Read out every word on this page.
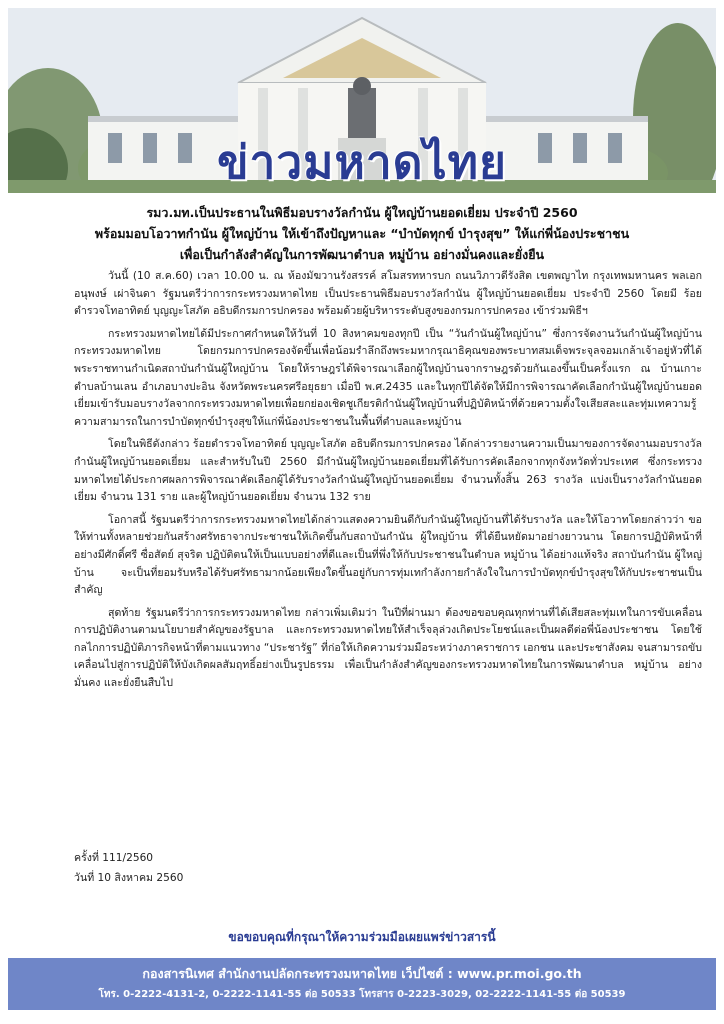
ข่าวมหาดไทย
รมว.มท.เป็นประธานในพิธีมอบรางวัลกำนัน ผู้ใหญ่บ้านยอดเยี่ยม ประจำปี 2560
พร้อมมอบโอวาทกำนัน ผู้ใหญ่บ้าน ให้เข้าถึงปัญหาและ “บำบัดทุกข์ บำรุงสุข” ให้แก่พี่น้องประชาชน
เพื่อเป็นกำลังสำคัญในการพัฒนาตำบล หมู่บ้าน อย่างมั่นคงและยั่งยืน

วันนี้ (10 ส.ค.60) เวลา 10.00 น. ณ ห้องมัฆวานรังสรรค์ สโมสรทหารบก ถนนวิภาวดีรังสิต เขตพญาไท กรุงเทพมหานคร พลเอก อนุพงษ์ เผ่าจินดา รัฐมนตรีว่าการกระทรวงมหาดไทย เป็นประธานพิธีมอบรางวัลกำนัน ผู้ใหญ่บ้านยอดเยี่ยม ประจำปี 2560 โดยมี ร้อยตำรวจโทอาทิตย์ บุญญะโสภัต อธิบดีกรมการปกครอง พร้อมด้วยผู้บริหารระดับสูงของกรมการปกครอง เข้าร่วมพิธีฯ

กระทรวงมหาดไทยได้มีประกาศกำหนดให้วันที่ 10 สิงหาคมของทุกปี เป็น “วันกำนันผู้ใหญ่บ้าน” ซึ่งการจัดงานวันกำนันผู้ใหญ่บ้าน กระทรวงมหาดไทย โดยกรมการปกครองจัดขึ้นเพื่อน้อมรำลึกถึงพระมหากรุณาธิคุณของพระบาทสมเด็จพระจุลจอมเกล้าเจ้าอยู่หัวที่ได้พระราชทานกำเนิดสถาบันกำนันผู้ใหญ่บ้าน โดยให้ราษฎรได้พิจารณาเลือกผู้ใหญ่บ้านจากราษฎรด้วยกันเองขึ้นเป็นครั้งแรก ณ บ้านเกาะ ตำบลบ้านเลน อำเภอบางปะอิน จังหวัดพระนครศรีอยุธยา เมื่อปี พ.ศ.2435 และในทุกปีได้จัดให้มีการพิจารณาคัดเลือกกำนันผู้ใหญ่บ้านยอดเยี่ยมเข้ารับมอบรางวัลจากกระทรวงมหาดไทยเพื่อยกย่องเชิดชูเกียรติกำนันผู้ใหญ่บ้านที่ปฏิบัติหน้าที่ด้วยความตั้งใจเสียสละและทุ่มเทความรู้ความสามารถในการบำบัดทุกข์บำรุงสุขให้แก่พี่น้องประชาชนในพื้นที่ตำบลและหมู่บ้าน

โดยในพิธีดังกล่าว ร้อยตำรวจโทอาทิตย์ บุญญะโสภัต อธิบดีกรมการปกครอง ได้กล่าวรายงานความเป็นมาของการจัดงานมอบรางวัลกำนันผู้ใหญ่บ้านยอดเยี่ยม และสำหรับในปี 2560 มีกำนันผู้ใหญ่บ้านยอดเยี่ยมที่ได้รับการคัดเลือกจากทุกจังหวัดทั่วประเทศ ซึ่งกระทรวงมหาดไทยได้ประกาศผลการพิจารณาคัดเลือกผู้ได้รับรางวัลกำนันผู้ใหญ่บ้านยอดเยี่ยม จำนวนทั้งสิ้น 263 รางวัล แบ่งเป็นรางวัลกำนันยอดเยี่ยม จำนวน 131 ราย และผู้ใหญ่บ้านยอดเยี่ยม จำนวน 132 ราย

โอกาสนี้ รัฐมนตรีว่าการกระทรวงมหาดไทยได้กล่าวแสดงความยินดีกับกำนันผู้ใหญ่บ้านที่ได้รับรางวัล และให้โอวาทโดยกล่าวว่า ขอให้ท่านทั้งหลายช่วยกันสร้างศรัทธาจากประชาชนให้เกิดขึ้นกับสถาบันกำนัน ผู้ใหญ่บ้าน ที่ได้ยืนหยัดมาอย่างยาวนาน โดยการปฏิบัติหน้าที่อย่างมีศักดิ์ศรี ซื่อสัตย์ สุจริต ปฏิบัติตนให้เป็นแบบอย่างที่ดีและเป็นที่พึ่งให้กับประชาชนในตำบล หมู่บ้าน ได้อย่างแท้จริง สถาบันกำนัน ผู้ใหญ่บ้าน จะเป็นที่ยอมรับหรือได้รับศรัทธามากน้อยเพียงใดขึ้นอยู่กับการทุ่มเทกำลังกายกำลังใจในการบำบัดทุกข์บำรุงสุขให้กับประชาชนเป็นสำคัญ

สุดท้าย รัฐมนตรีว่าการกระทรวงมหาดไทย กล่าวเพิ่มเติมว่า ในปีที่ผ่านมา ต้องขอขอบคุณทุกท่านที่ได้เสียสละทุ่มเทในการขับเคลื่อนการปฏิบัติงานตามนโยบายสำคัญของรัฐบาล และกระทรวงมหาดไทยให้สำเร็จลุล่วงเกิดประโยชน์และเป็นผลดีต่อพี่น้องประชาชน โดยใช้กลไกการปฏิบัติภารกิจหน้าที่ตามแนวทาง “ประชารัฐ” ที่ก่อให้เกิดความร่วมมือระหว่างภาคราชการ เอกชน และประชาสังคม จนสามารถขับเคลื่อนไปสู่การปฏิบัติให้บังเกิดผลสัมฤทธิ์อย่างเป็นรูปธรรม เพื่อเป็นกำลังสำคัญของกระทรวงมหาดไทยในการพัฒนาตำบล หมู่บ้าน อย่างมั่นคง และยั่งยืนสืบไป

ครั้งที่ 111/2560
วันที่ 10 สิงหาคม 2560
ขอขอบคุณที่กรุณาให้ความร่วมมือเผยแพร่ข่าวสารนี้
กองสารนิเทศ สำนักงานปลัดกระทรวงมหาดไทย เว็ปไซต์ : www.pr.moi.go.th
โทร. 0-2222-4131-2, 0-2222-1141-55 ต่อ 50533 โทรสาร 0-2223-3029, 02-2222-1141-55 ต่อ 50539
